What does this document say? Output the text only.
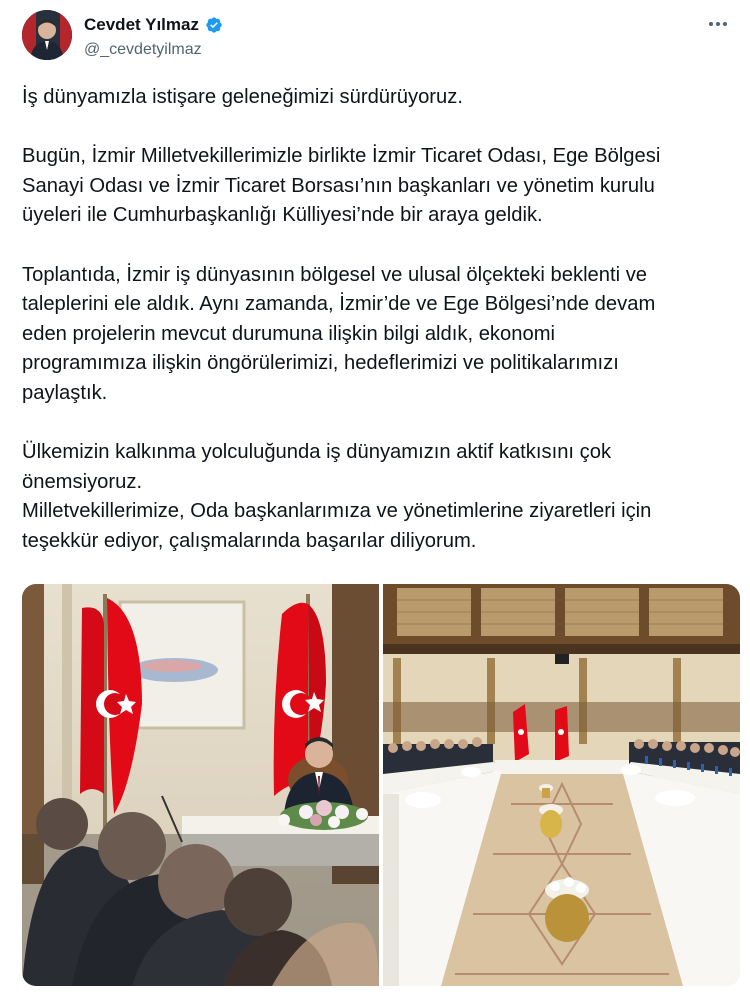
Cevdet Yılmaz
@_cevdetyilmaz

İş dünyamızla istişare geleneğimizi sürdürüyoruz.

Bugün, İzmir Milletvekillerimizle birlikte İzmir Ticaret Odası, Ege Bölgesi

Sanayi Odası ve İzmir Ticaret Borsası’nın başkanları ve yönetim kurulu

üyeleri ile Cumhurbaşkanlığı Külliyesi’nde bir araya geldik.

Toplantıda, İzmir iş dünyasının bölgesel ve ulusal ölçekteki beklenti ve

taleplerini ele aldık. Aynı zamanda, İzmir’de ve Ege Bölgesi’nde devam

eden projelerin mevcut durumuna ilişkin bilgi aldık, ekonomi

programımıza ilişkin öngörülerimizi, hedeflerimizi ve politikalarımızı

paylaştık.

Ülkemizin kalkınma yolculuğunda iş dünyamızın aktif katkısını çok

önemsiyoruz.

Milletvekillerimize, Oda başkanlarımıza ve yönetimlerine ziyaretleri için

teşekkür ediyor, çalışmalarında başarılar diliyorum.
